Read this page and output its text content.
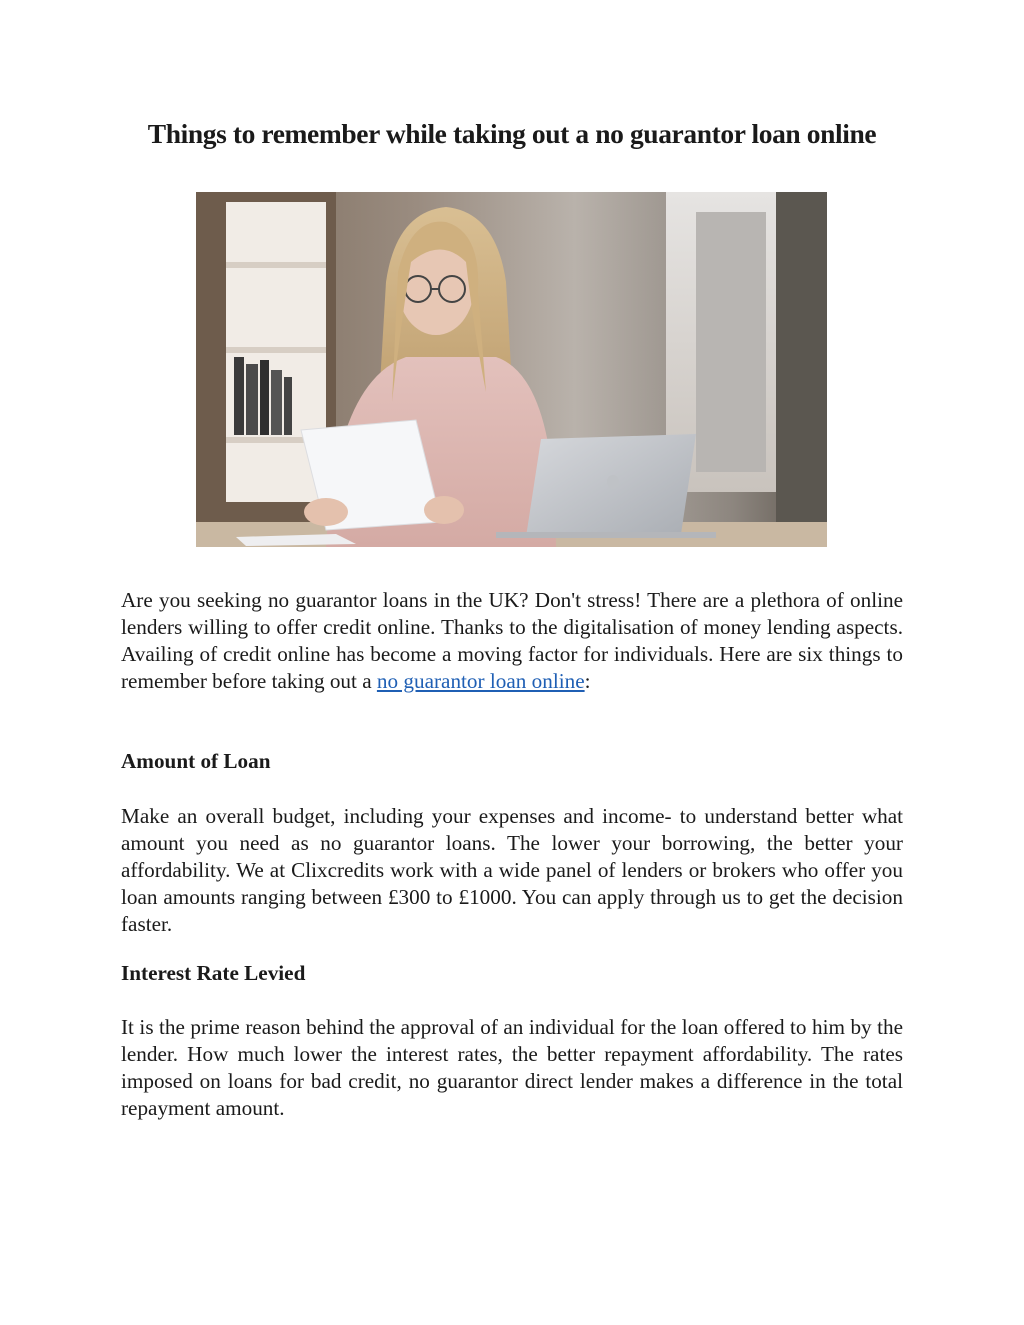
Things to remember while taking out a no guarantor loan online

Are you seeking no guarantor loans in the UK? Don't stress! There are a plethora of online lenders willing to offer credit online. Thanks to the digitalisation of money lending aspects. Availing of credit online has become a moving factor for individuals. Here are six things to remember before taking out a no guarantor loan online:

Amount of Loan

Make an overall budget, including your expenses and income- to understand better what amount you need as no guarantor loans. The lower your borrowing, the better your affordability. We at Clixcredits work with a wide panel of lenders or brokers who offer you loan amounts ranging between £300 to £1000. You can apply through us to get the decision faster.

Interest Rate Levied

It is the prime reason behind the approval of an individual for the loan offered to him by the lender. How much lower the interest rates, the better repayment affordability. The rates imposed on loans for bad credit, no guarantor direct lender makes a difference in the total repayment amount.
